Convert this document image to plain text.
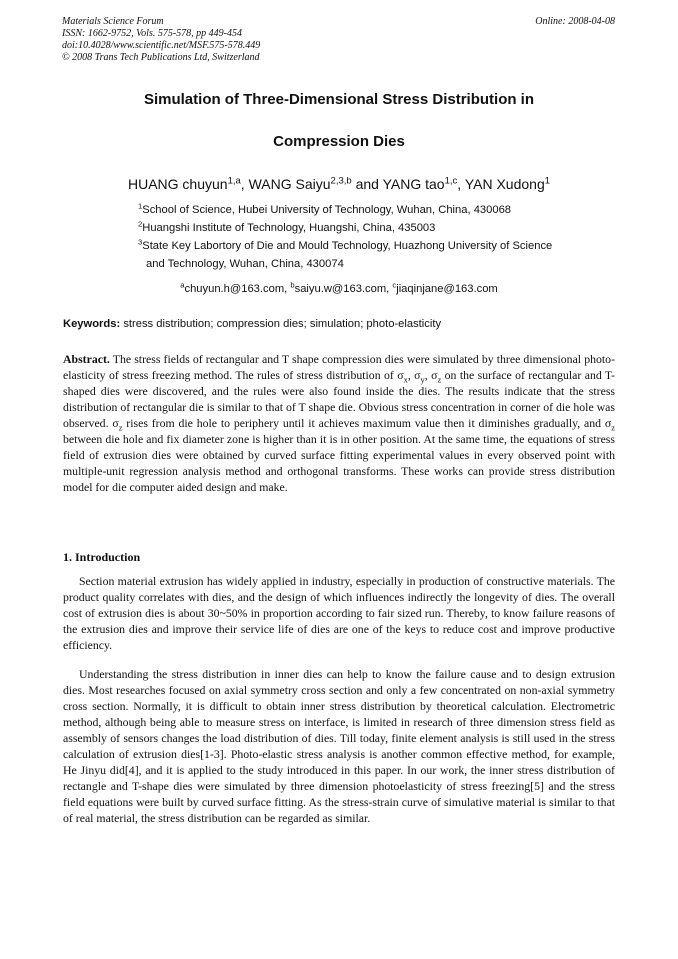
Materials Science Forum
ISSN: 1662-9752, Vols. 575-578, pp 449-454
doi:10.4028/www.scientific.net/MSF.575-578.449
© 2008 Trans Tech Publications Ltd, Switzerland
Online: 2008-04-08
Simulation of Three-Dimensional Stress Distribution in
Compression Dies
HUANG chuyun$^{1,a}$, WANG Saiyu$^{2,3,b}$ and YANG tao$^{1,c}$, YAN Xudong$^1$
$^1$School of Science, Hubei University of Technology, Wuhan, China, 430068
$^2$Huangshi Institute of Technology, Huangshi, China, 435003
$^3$State Key Labortory of Die and Mould Technology, Huazhong University of Science
and Technology, Wuhan, China, 430074
$^a$chuyun.h@163.com, $^b$saiyu.w@163.com, $^c$jiaqinjane@163.com
Keywords: stress distribution; compression dies; simulation; photo-elasticity
Abstract. The stress fields of rectangular and T shape compression dies were simulated by three dimensional photo-elasticity of stress freezing method. The rules of stress distribution of $\sigma_x$, $\sigma_y$, $\sigma_z$ on the surface of rectangular and T-shaped dies were discovered, and the rules were also found inside the dies. The results indicate that the stress distribution of rectangular die is similar to that of T shape die. Obvious stress concentration in corner of die hole was observed. $\sigma_z$ rises from die hole to periphery until it achieves maximum value then it diminishes gradually, and $\sigma_z$ between die hole and fix diameter zone is higher than it is in other position. At the same time, the equations of stress field of extrusion dies were obtained by curved surface fitting experimental values in every observed point with multiple-unit regression analysis method and orthogonal transforms. These works can provide stress distribution model for die computer aided design and make.
1. Introduction
Section material extrusion has widely applied in industry, especially in production of constructive materials. The product quality correlates with dies, and the design of which influences indirectly the longevity of dies. The overall cost of extrusion dies is about 30~50% in proportion according to fair sized run. Thereby, to know failure reasons of the extrusion dies and improve their service life of dies are one of the keys to reduce cost and improve productive efficiency.
Understanding the stress distribution in inner dies can help to know the failure cause and to design extrusion dies. Most researches focused on axial symmetry cross section and only a few concentrated on non-axial symmetry cross section. Normally, it is difficult to obtain inner stress distribution by theoretical calculation. Electrometric method, although being able to measure stress on interface, is limited in research of three dimension stress field as assembly of sensors changes the load distribution of dies. Till today, finite element analysis is still used in the stress calculation of extrusion dies[1-3]. Photo-elastic stress analysis is another common effective method, for example, He Jinyu did[4], and it is applied to the study introduced in this paper. In our work, the inner stress distribution of rectangle and T-shape dies were simulated by three dimension photoelasticity of stress freezing[5] and the stress field equations were built by curved surface fitting. As the stress-strain curve of simulative material is similar to that of real material, the stress distribution can be regarded as similar.
